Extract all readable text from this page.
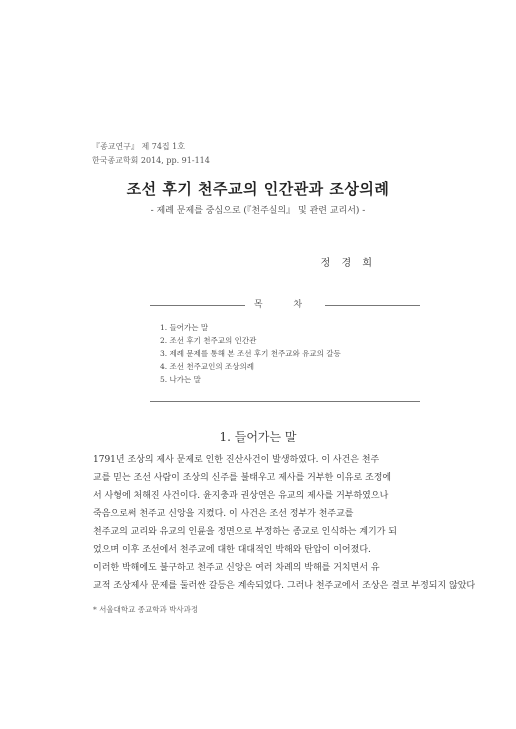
『종교연구』 제 74집 1호
한국종교학회 2014, pp. 91-114
조선 후기 천주교의 인간관과 조상의례
- 제례 문제를 중심으로 (『천주실의』 및 관련 교리서) -
정 경 희
목 차
1. 들어가는 말
2. 조선 후기 천주교의 인간관
3. 제례 문제를 통해 본 조선 후기 천주교와 유교의 갈등
4. 조선 천주교인의 조상의례
5. 나가는 말
1. 들어가는 말
1791년 조상의 제사 문제로 인한 진산사건이 발생하였다. 이 사건은 천주
교를 믿는 조선 사람이 조상의 신주를 불태우고 제사를 거부한 이유로 조정에
서 사형에 처해진 사건이다. 윤지충과 권상연은 유교의 제사를 거부하였으나
죽음으로써 천주교 신앙을 지켰다. 이 사건은 조선 정부가 천주교를
천주교의 교리와 유교의 인륜을 정면으로 부정하는 종교로 인식하는 계기가 되
었으며 이후 조선에서 천주교에 대한 대대적인 박해와 탄압이 이어졌다.
이러한 박해에도 불구하고 천주교 신앙은 여러 차례의 박해를 거치면서 유
교적 조상제사 문제를 둘러싼 갈등은 계속되었다. 그러나 천주교에서 조상은 결코 부정되지 않았다
* 서울대학교 종교학과 박사과정
